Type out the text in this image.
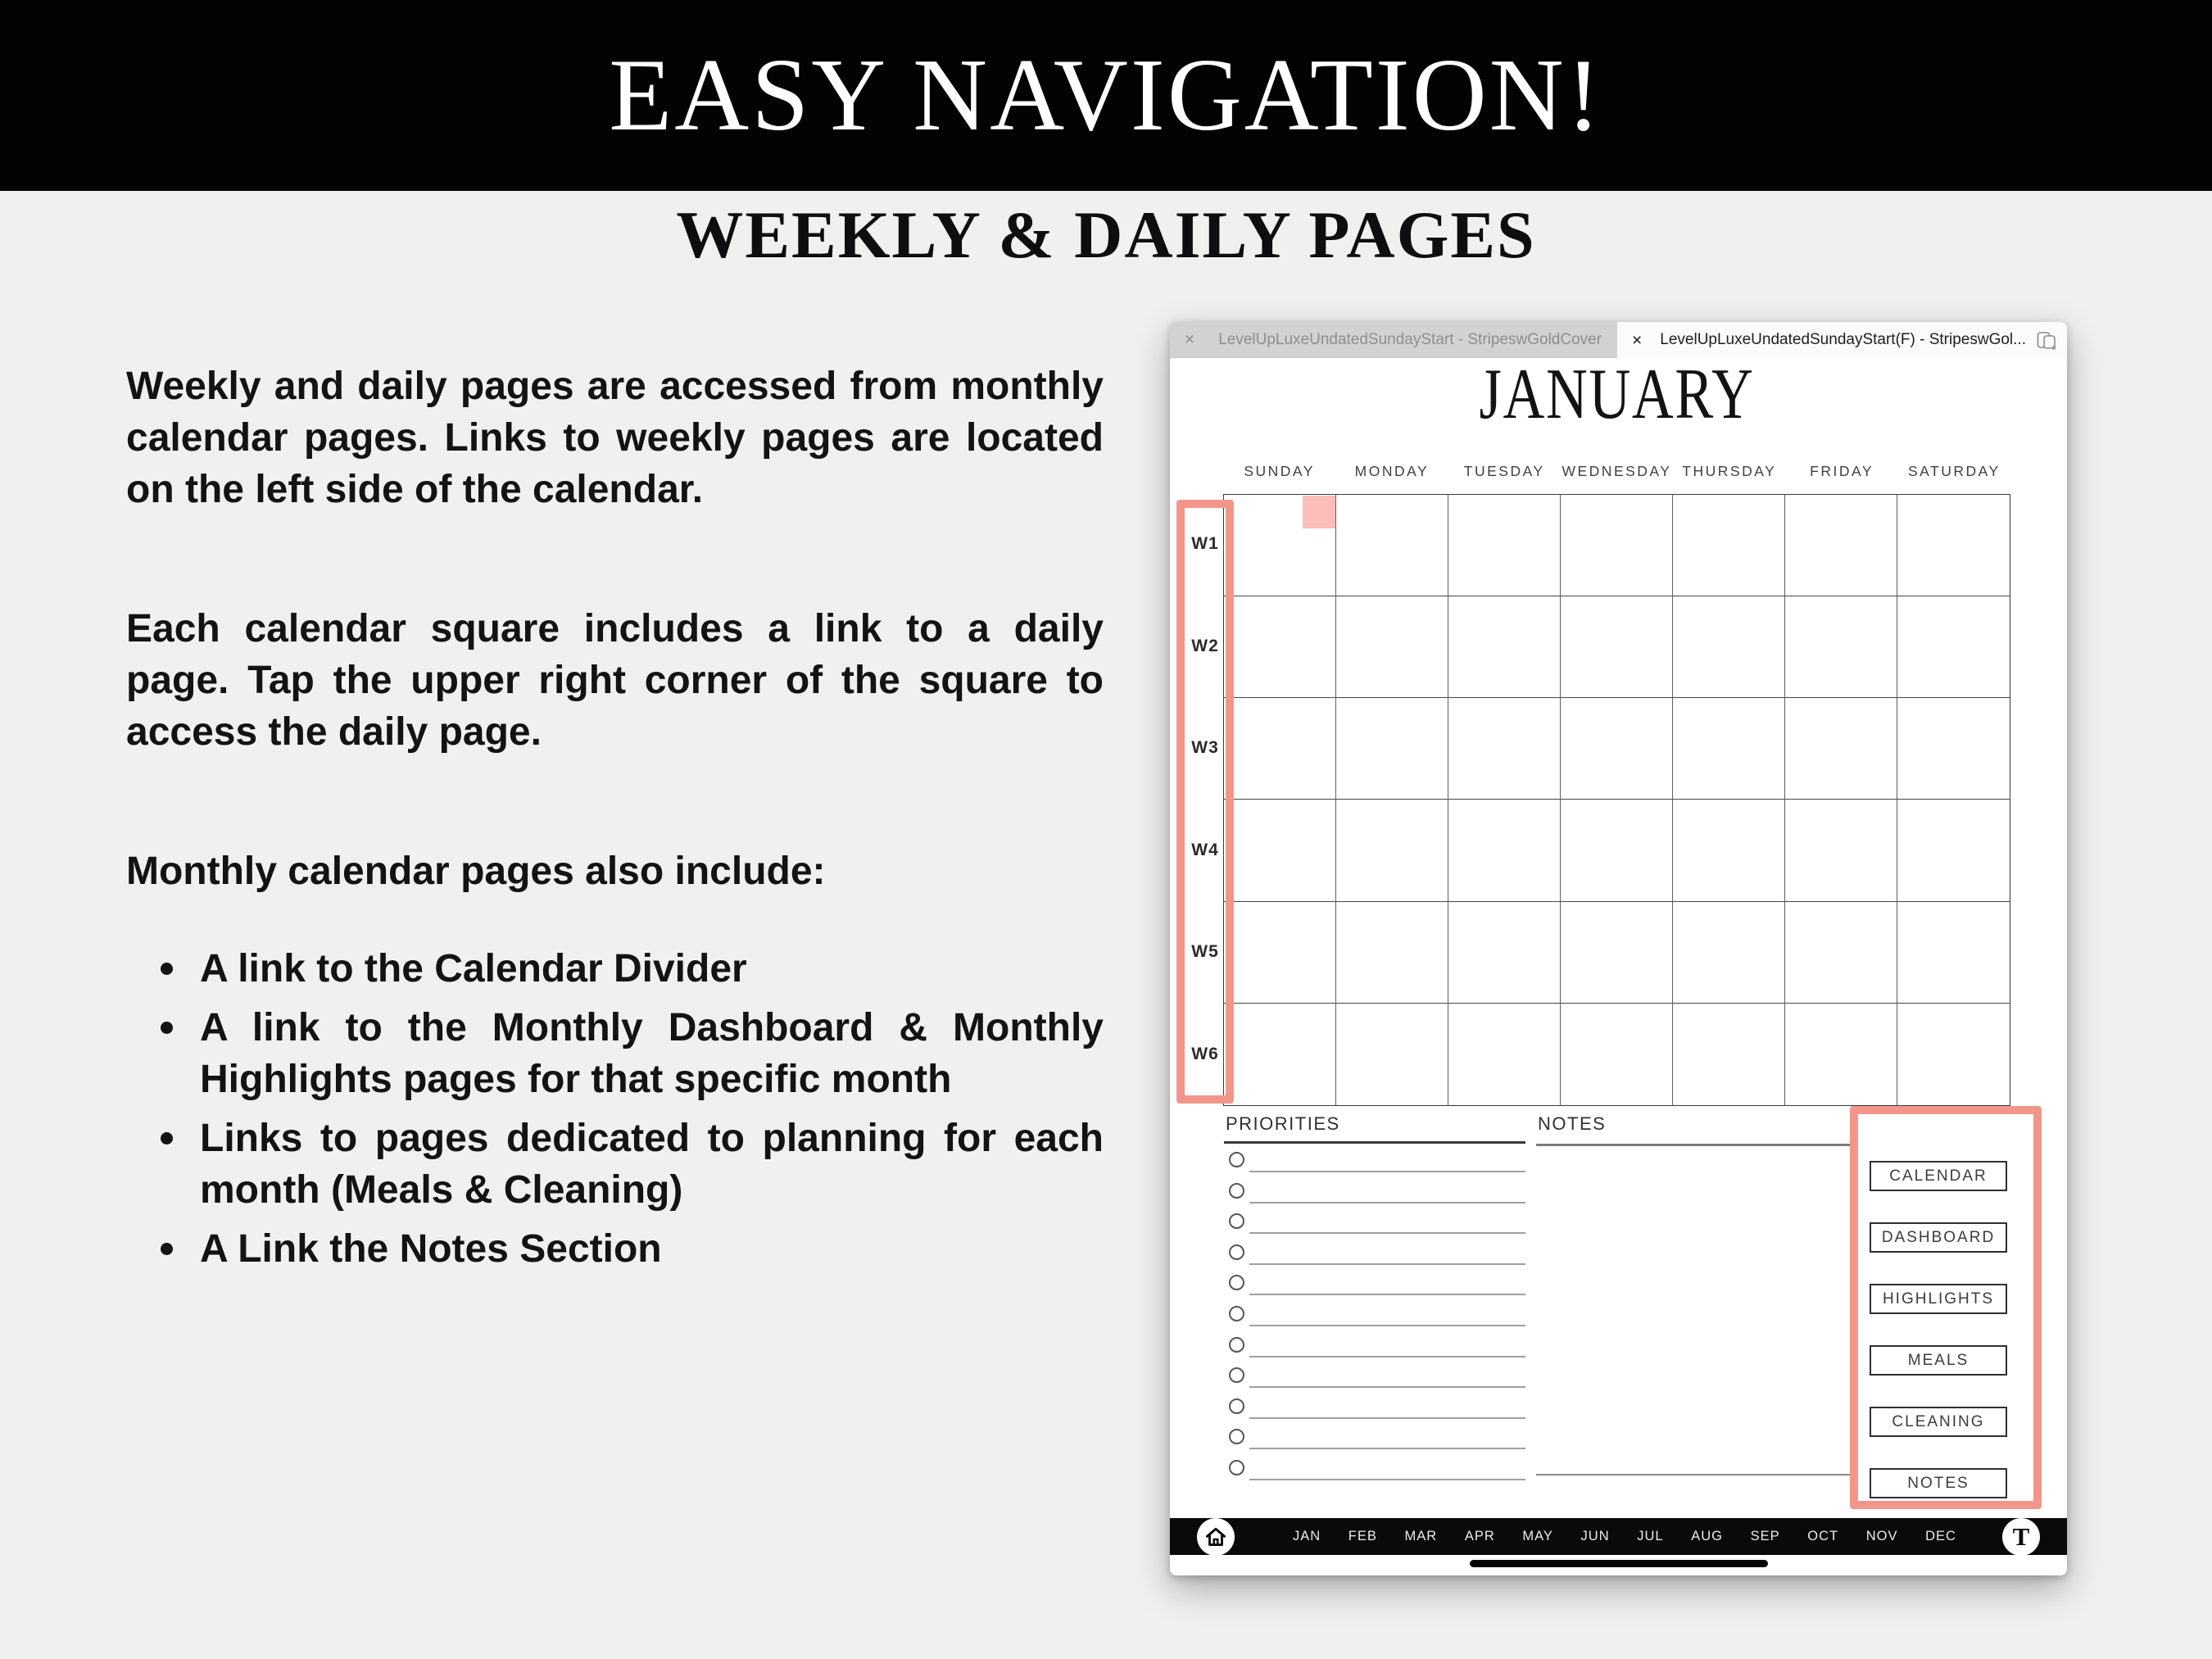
EASY NAVIGATION!
WEEKLY & DAILY PAGES

Weekly and daily pages are accessed from monthly calendar pages. Links to weekly pages are located on the left side of the calendar.

Each calendar square includes a link to a daily page. Tap the upper right corner of the square to access the daily page.

Monthly calendar pages also include:

A link to the Calendar Divider
A link to the Monthly Dashboard & Monthly Highlights pages for that specific month
Links to pages dedicated to planning for each month (Meals & Cleaning)
A Link the Notes Section
×	LevelUpLuxeUndatedSundayStart - StripeswGoldCover	×	LevelUpLuxeUndatedSundayStart(F) - StripeswGol...
JANUARY
SUNDAY	MONDAY	TUESDAY	WEDNESDAY THURSDAY	FRIDAY	SATURDAY
PRIORITIES	NOTES
JAN FEB MAR APR MAY JUN JUL AUG SEP OCT NOV DEC T
W1
W2
W3
W4
W5
W6
CALENDAR
DASHBOARD
HIGHLIGHTS
MEALS
CLEANING
NOTES
